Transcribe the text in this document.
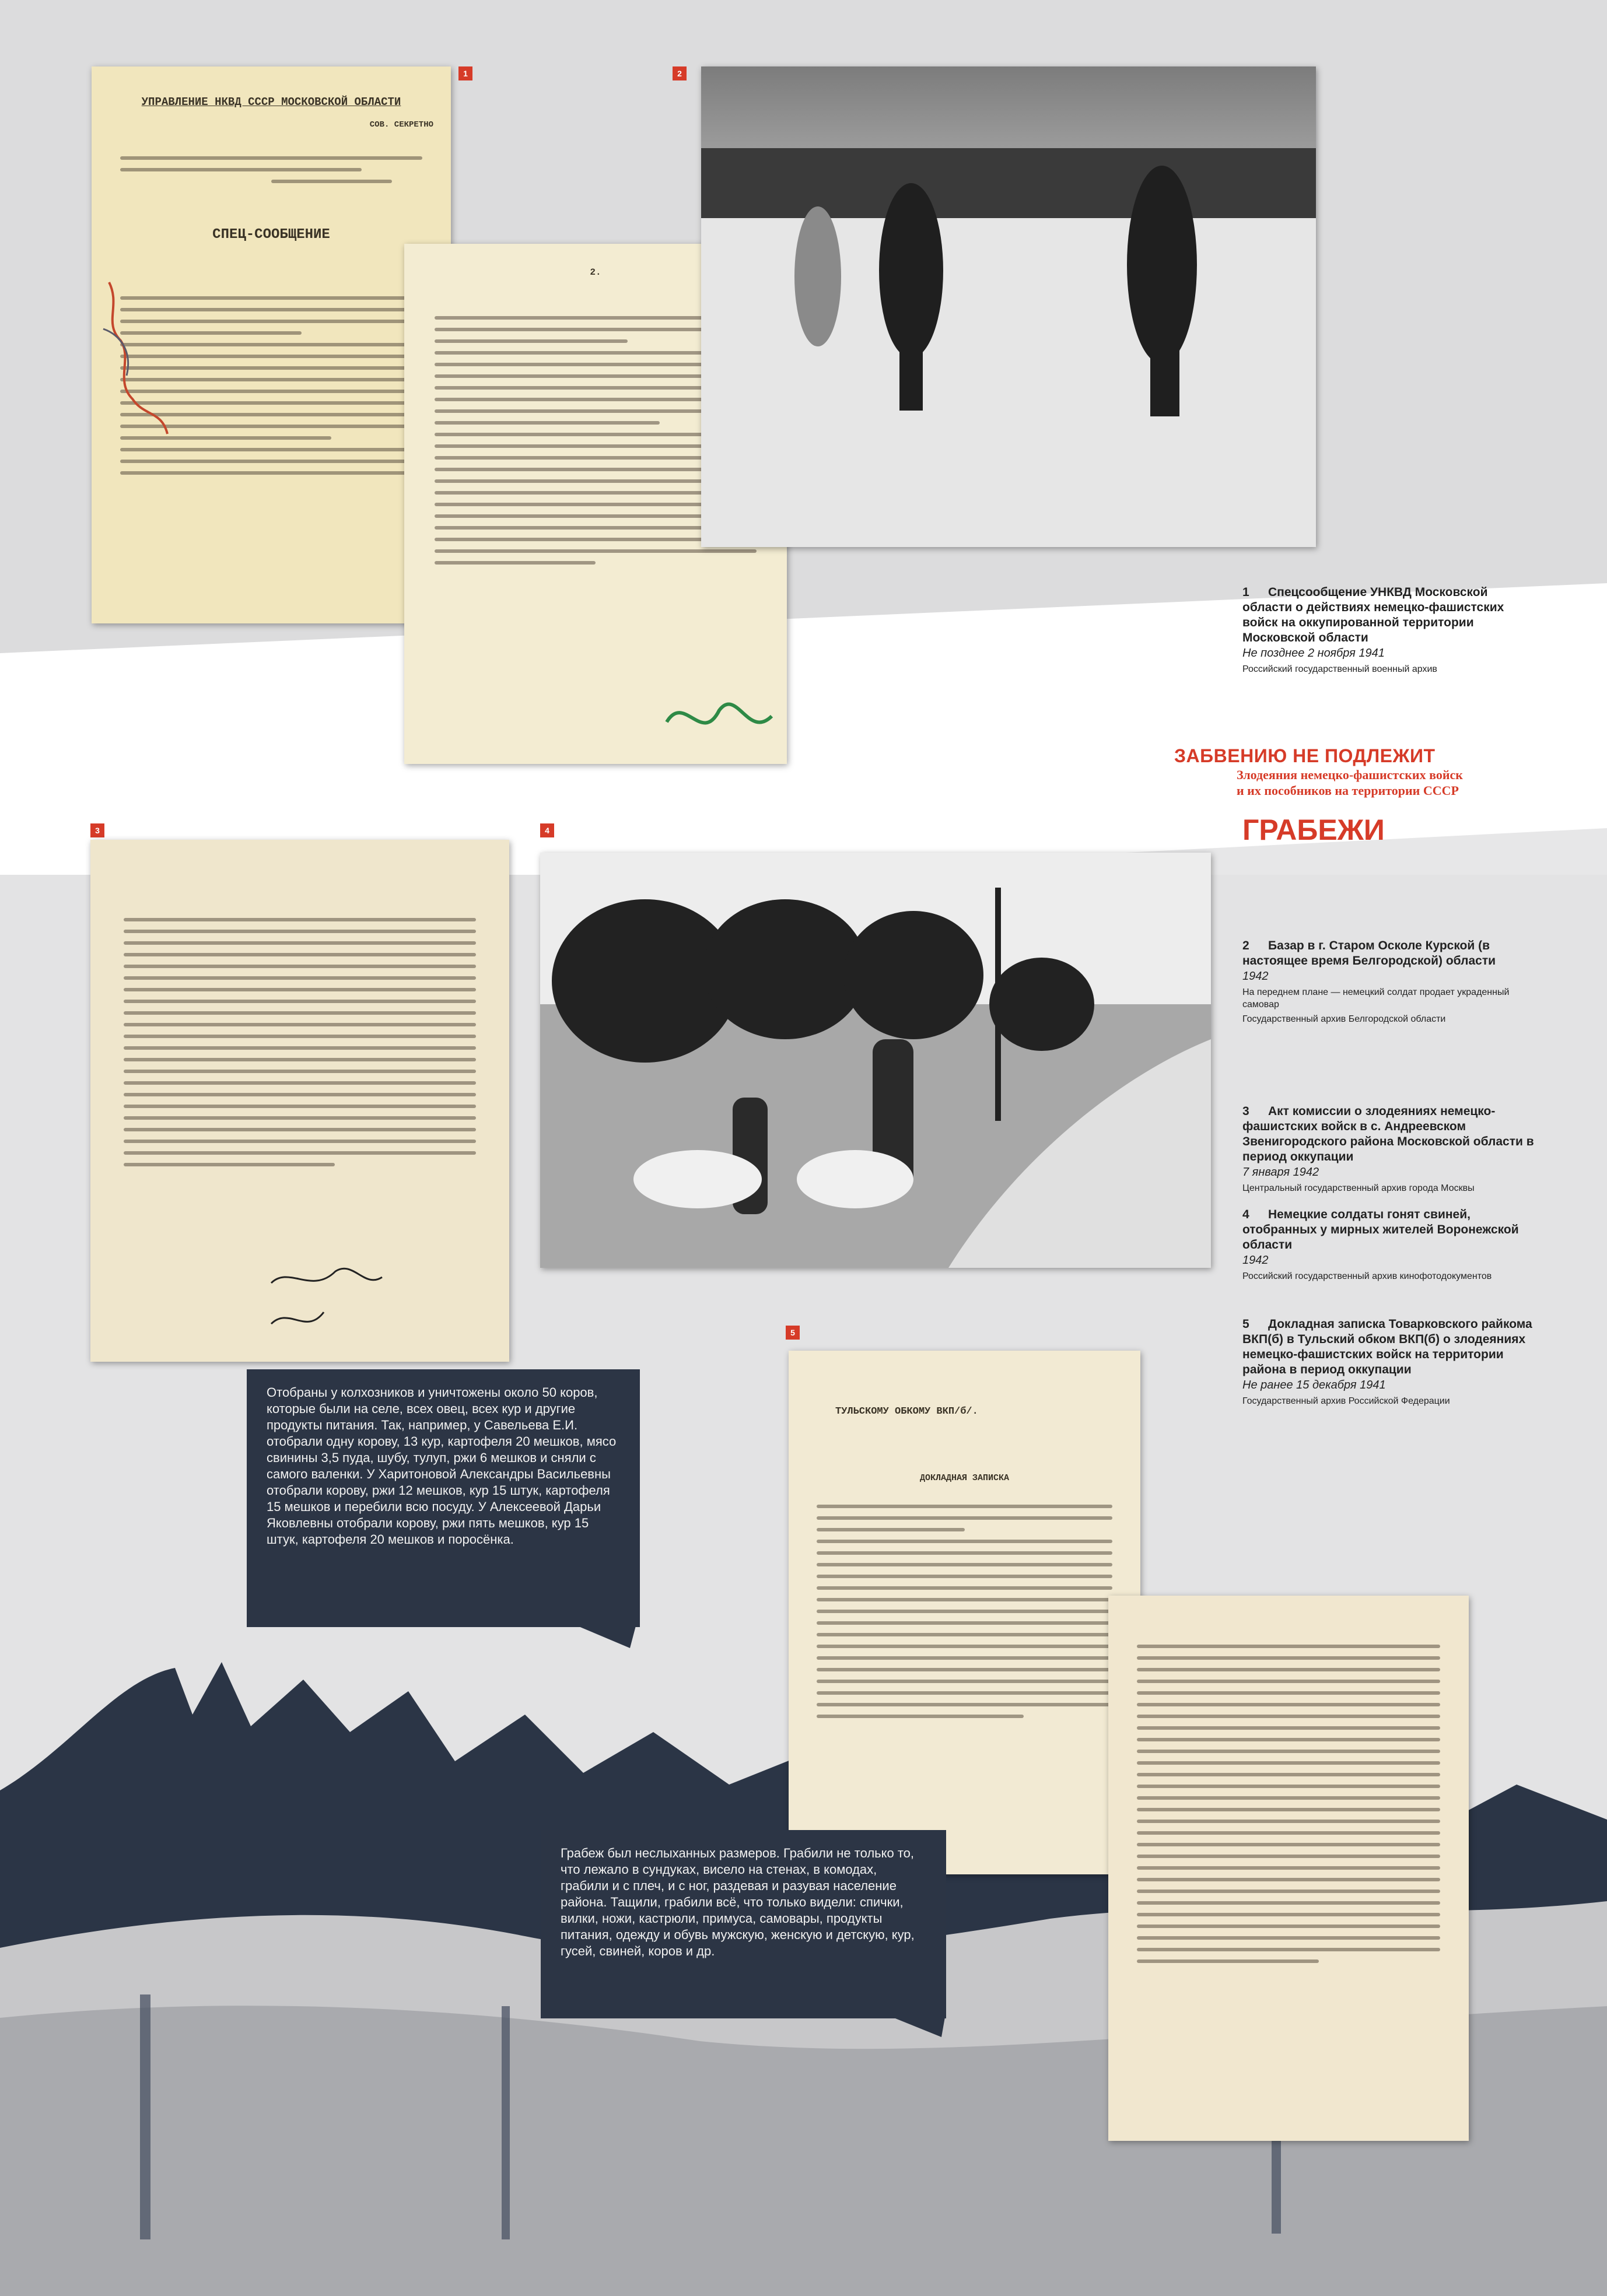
ЗАБВЕНИЮ НЕ ПОДЛЕЖИТ
Злодеяния немецко-фашистских войск
и их пособников на территории СССР
ГРАБЕЖИ
1	2
3	4
5
УПРАВЛЕНИЕ НКВД СССР МОСКОВСКОЙ ОБЛАСТИ
СОВ. СЕКРЕТНО
СПЕЦ-СООБЩЕНИЕ
2.
ТУЛЬСКОМУ ОБКОМУ ВКП/б/.
ДОКЛАДНАЯ ЗАПИСКА
1 Спецсообщение УНКВД Московской области о действиях немецко-фашистских войск на оккупированной территории Московской области
Не позднее 2 ноября 1941
Российский государственный военный архив
2 Базар в г. Старом Осколе Курской (в настоящее время Белгородской) области
1942
На переднем плане — немецкий солдат продает украденный самовар
Государственный архив Белгородской области
3 Акт комиссии о злодеяниях немецко-фашистских войск в с. Андреевском Звенигородского района Московской области в период оккупации
7 января 1942
Центральный государственный архив города Москвы
4 Немецкие солдаты гонят свиней, отобранных у мирных жителей Воронежской области
1942
Российский государственный архив кинофотодокументов
5 Докладная записка Товарковского райкома ВКП(б) в Тульский обком ВКП(б) о злодеяниях немецко-фашистских войск на территории района в период оккупации
Не ранее 15 декабря 1941
Государственный архив Российской Федерации

Отобраны у колхозников и уничтожены около 50 коров, которые были на селе, всех овец, всех кур и другие продукты питания. Так, например, у Савельева Е.И. отобрали одну корову, 13 кур, картофеля 20 мешков, мясо свинины 3,5 пуда, шубу, тулуп, ржи 6 мешков и сняли с самого валенки. У Харитоновой Александры Васильевны отобрали корову, ржи 12 мешков, кур 15 штук, картофеля 15 мешков и перебили всю посуду. У Алексеевой Дарьи Яковлевны отобрали корову, ржи пять мешков, кур 15 штук, картофеля 20 мешков и поросёнка.

Грабеж был неслыханных размеров. Грабили не только то, что лежало в сундуках, висело на стенах, в комодах, грабили и с плеч, и с ног, раздевая и разувая население района. Тащили, грабили всё, что только видели: спички, вилки, ножи, кастрюли, примуса, самовары, продукты питания, одежду и обувь мужскую, женскую и детскую, кур, гусей, свиней, коров и др.
